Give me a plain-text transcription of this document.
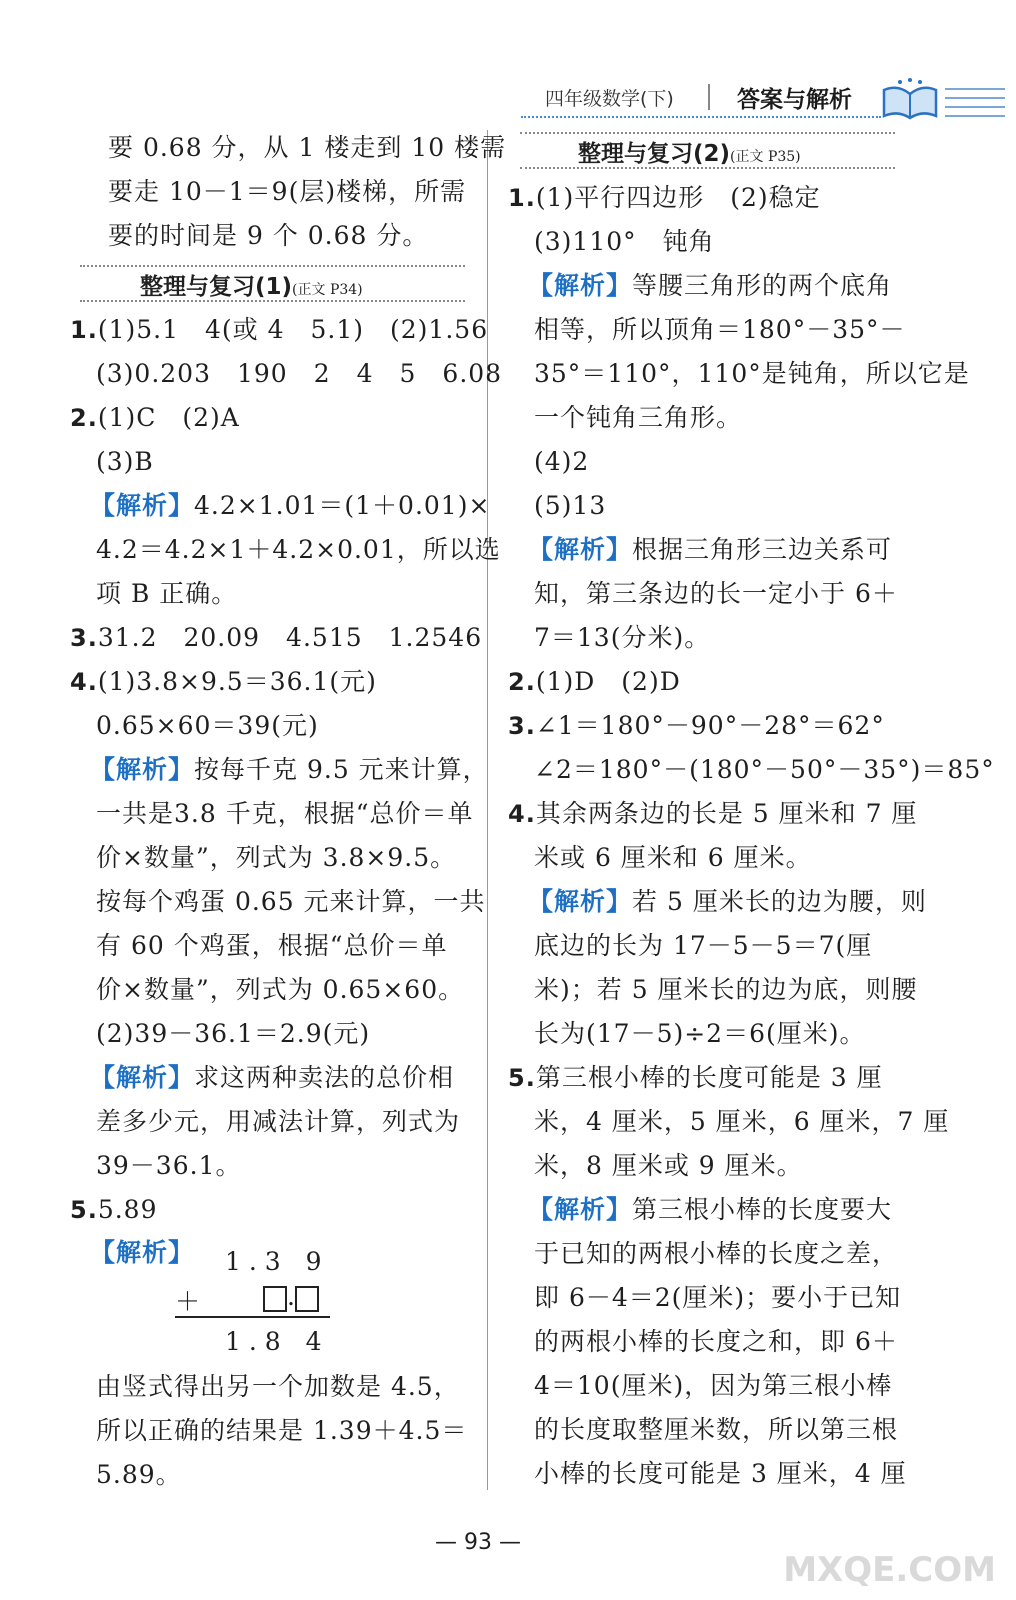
四年级数学(下)	答案与解析
要 0.68 分，从 1 楼走到 10 楼需
要走 10－1＝9(层)楼梯，所需
要的时间是 9 个 0.68 分。
整理与复习(1)(正文 P34)
1.(1)5.1　4(或 4　5.1)　(2)1.56
(3)0.203　190　2　4　5　6.08
2.(1)C　(2)A
(3)B
【解析】4.2×1.01＝(1＋0.01)×
4.2＝4.2×1＋4.2×0.01，所以选
项 B 正确。
3.31.2　20.09　4.515　1.2546
4.(1)3.8×9.5＝36.1(元)
0.65×60＝39(元)
【解析】按每千克 9.5 元来计算，
一共是3.8 千克，根据“总价＝单
价×数量”，列式为 3.8×9.5。
按每个鸡蛋 0.65 元来计算，一共
有 60 个鸡蛋，根据“总价＝单
价×数量”，列式为 0.65×60。
(2)39－36.1＝2.9(元)
【解析】求这两种卖法的总价相
差多少元，用减法计算，列式为
39－36.1。
5.5.89
【解析】 1 . 3　9
＋	.
1 . 8　4
由竖式得出另一个加数是 4.5，
所以正确的结果是 1.39＋4.5＝
5.89。
整理与复习(2)(正文 P35)
1.(1)平行四边形　(2)稳定
(3)110°　钝角
【解析】等腰三角形的两个底角
相等，所以顶角＝180°－35°－
35°＝110°，110°是钝角，所以它是
一个钝角三角形。
(4)2
(5)13
【解析】根据三角形三边关系可
知，第三条边的长一定小于 6＋
7＝13(分米)。
2.(1)D　(2)D
3.∠1＝180°－90°－28°＝62°
∠2＝180°－(180°－50°－35°)＝85°
4.其余两条边的长是 5 厘米和 7 厘
米或 6 厘米和 6 厘米。
【解析】若 5 厘米长的边为腰，则
底边的长为 17－5－5＝7(厘
米)；若 5 厘米长的边为底，则腰
长为(17－5)÷2＝6(厘米)。
5.第三根小棒的长度可能是 3 厘
米，4 厘米，5 厘米，6 厘米，7 厘
米，8 厘米或 9 厘米。
【解析】第三根小棒的长度要大
于已知的两根小棒的长度之差，
即 6－4＝2(厘米)；要小于已知
的两根小棒的长度之和，即 6＋
4＝10(厘米)，因为第三根小棒
的长度取整厘米数，所以第三根
小棒的长度可能是 3 厘米，4 厘
— 93 —
MXQE.COM
